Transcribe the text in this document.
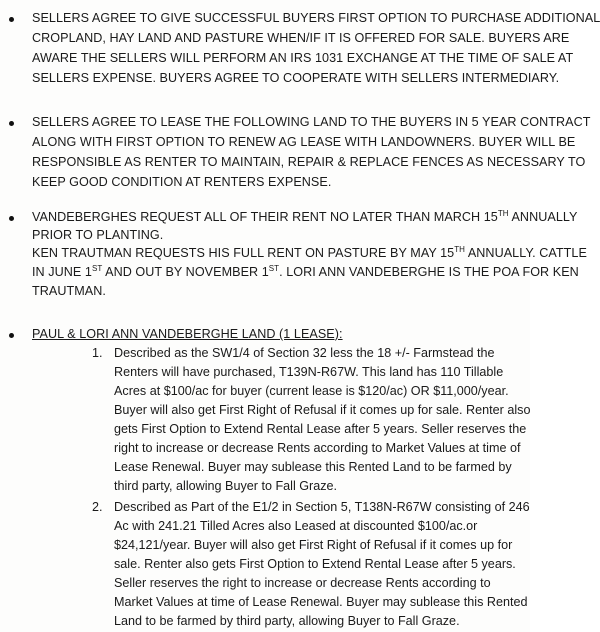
SELLERS AGREE TO GIVE SUCCESSFUL BUYERS FIRST OPTION TO PURCHASE ADDITIONAL
CROPLAND, HAY LAND AND PASTURE WHEN/IF IT IS OFFERED FOR SALE. BUYERS ARE
AWARE THE SELLERS WILL PERFORM AN IRS 1031 EXCHANGE AT THE TIME OF SALE AT
SELLERS EXPENSE. BUYERS AGREE TO COOPERATE WITH SELLERS INTERMEDIARY.
SELLERS AGREE TO LEASE THE FOLLOWING LAND TO THE BUYERS IN 5 YEAR CONTRACT
ALONG WITH FIRST OPTION TO RENEW AG LEASE WITH LANDOWNERS. BUYER WILL BE
RESPONSIBLE AS RENTER TO MAINTAIN, REPAIR & REPLACE FENCES AS NECESSARY TO
KEEP GOOD CONDITION AT RENTERS EXPENSE.
VANDEBERGHES REQUEST ALL OF THEIR RENT NO LATER THAN MARCH 15TH ANNUALLY
PRIOR TO PLANTING.
KEN TRAUTMAN REQUESTS HIS FULL RENT ON PASTURE BY MAY 15TH ANNUALLY. CATTLE
IN JUNE 1ST AND OUT BY NOVEMBER 1ST. LORI ANN VANDEBERGHE IS THE POA FOR KEN
TRAUTMAN.
PAUL & LORI ANN VANDEBERGHE LAND (1 LEASE):
1. Described as the SW1/4 of Section 32 less the 18 +/- Farmstead the
Renters will have purchased, T139N-R67W. This land has 110 Tillable
Acres at $100/ac for buyer (current lease is $120/ac) OR $11,000/year.
Buyer will also get First Right of Refusal if it comes up for sale. Renter also
gets First Option to Extend Rental Lease after 5 years. Seller reserves the
right to increase or decrease Rents according to Market Values at time of
Lease Renewal. Buyer may sublease this Rented Land to be farmed by
third party, allowing Buyer to Fall Graze.
2. Described as Part of the E1/2 in Section 5, T138N-R67W consisting of 246
Ac with 241.21 Tilled Acres also Leased at discounted $100/ac.or
$24,121/year. Buyer will also get First Right of Refusal if it comes up for
sale. Renter also gets First Option to Extend Rental Lease after 5 years.
Seller reserves the right to increase or decrease Rents according to
Market Values at time of Lease Renewal. Buyer may sublease this Rented
Land to be farmed by third party, allowing Buyer to Fall Graze.
